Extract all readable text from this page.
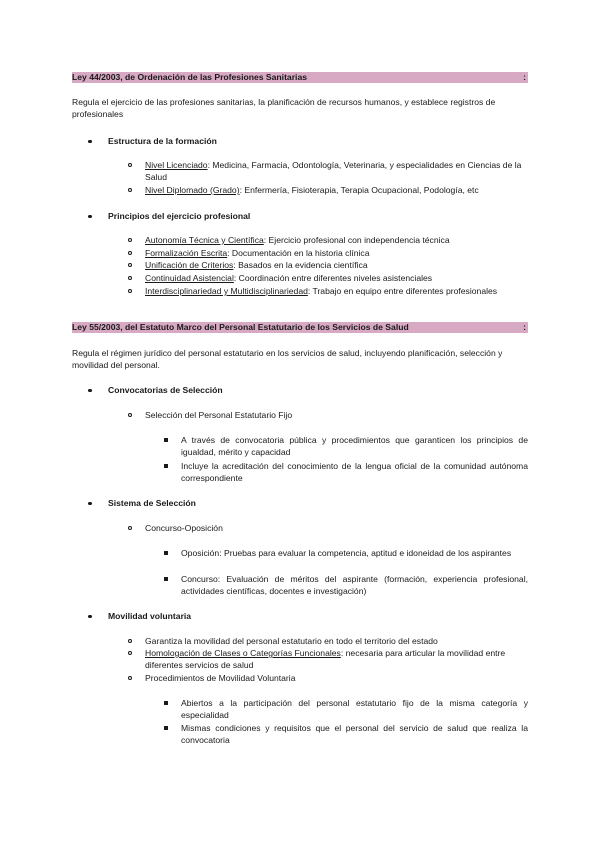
Ley 44/2003, de Ordenación de las Profesiones Sanitarias	:
Regula el ejercicio de las profesiones sanitarias, la planificación de recursos humanos, y establece registros de profesionales
Estructura de la formación
Nivel Licenciado: Medicina, Farmacia, Odontología, Veterinaria, y especialidades en Ciencias de la Salud
Nivel Diplomado (Grado): Enfermería, Fisioterapia, Terapia Ocupacional, Podología, etc
Principios del ejercicio profesional
Autonomía Técnica y Científica: Ejercicio profesional con independencia técnica
Formalización Escrita: Documentación en la historia clínica
Unificación de Criterios: Basados en la evidencia científica
Continuidad Asistencial: Coordinación entre diferentes niveles asistenciales
Interdisciplinariedad y Multidisciplinariedad: Trabajo en equipo entre diferentes profesionales
Ley 55/2003, del Estatuto Marco del Personal Estatutario de los Servicios de Salud	:
Regula el régimen jurídico del personal estatutario en los servicios de salud, incluyendo planificación, selección y movilidad del personal.
Convocatorias de Selección
Selección del Personal Estatutario Fijo
A través de convocatoria pública y procedimientos que garanticen los principios de igualdad, mérito y capacidad
Incluye la acreditación del conocimiento de la lengua oficial de la comunidad autónoma correspondiente
Sistema de Selección
Concurso-Oposición
Oposición: Pruebas para evaluar la competencia, aptitud e idoneidad de los aspirantes
Concurso: Evaluación de méritos del aspirante (formación, experiencia profesional, actividades científicas, docentes e investigación)
Movilidad voluntaria
Garantiza la movilidad del personal estatutario en todo el territorio del estado
Homologación de Clases o Categorías Funcionales: necesaria para articular la movilidad entre diferentes servicios de salud
Procedimientos de Movilidad Voluntaria
Abiertos a la participación del personal estatutario fijo de la misma categoría y especialidad
Mismas condiciones y requisitos que el personal del servicio de salud que realiza la convocatoria
